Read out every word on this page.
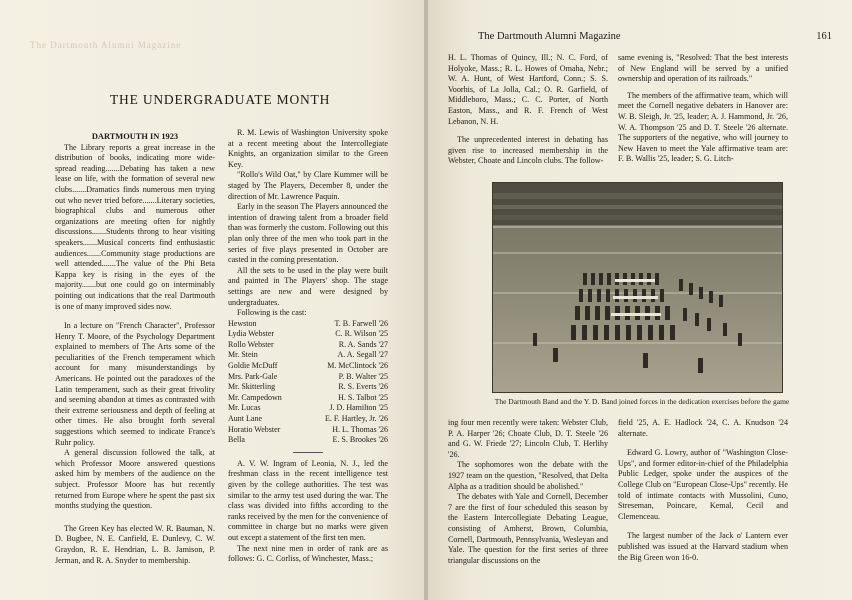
The Dartmouth Alumni Magazine
THE UNDERGRADUATE MONTH

DARTMOUTH IN 1923

The Library reports a great increase in the distribution of books, indicating more wide-spread reading.......Debating has taken a new lease on life, with the formation of several new clubs.......Dramatics finds numerous men trying out who never tried before.......Literary societies, biographical clubs and numerous other organizations are meeting often for nightly discussions.......Students throng to hear visiting speakers.......Musical concerts find enthusiastic audiences.......Community stage productions are well attended.......The value of the Phi Beta Kappa key is rising in the eyes of the majority.......but one could go on interminably pointing out indications that the real Dartmouth is one of many improved sides now.

In a lecture on "French Character", Professor Henry T. Moore, of the Psychology Department explained to members of The Arts some of the peculiarities of the French temperament which account for many misunderstandings by Americans. He pointed out the paradoxes of the Latin temperament, such as their great frivolity and seeming abandon at times as contrasted with their extreme seriousness and depth of feeling at other times. He also brought forth several suggestions which seemed to indicate France's Ruhr policy.

A general discussion followed the talk, at which Professor Moore answered questions asked him by members of the audience on the subject. Professor Moore has but recently returned from Europe where he spent the past six months studying the question.

The Green Key has elected W. R. Bauman, N. D. Bugbee, N. E. Canfield, E. Dunlevy, C. W. Graydon, R. E. Hendrian, L. B. Jamison, P. Jerman, and R. A. Snyder to membership.

R. M. Lewis of Washington University spoke at a recent meeting about the Intercollegiate Knights, an organization similar to the Green Key.

"Rollo's Wild Oat," by Clare Kummer will be staged by The Players, December 8, under the direction of Mr. Lawrence Paquin.

Early in the season The Players announced the intention of drawing talent from a broader field than was formerly the custom. Following out this plan only three of the men who took part in the series of five plays presented in October are casted in the coming presentation.

All the sets to be used in the play were built and painted in The Players' shop. The stage settings are new and were designed by undergraduates.

Following is the cast:

Hewston	T. B. Farwell '26
Lydia Webster	C. R. Wilson '25
Rollo Webster	R. A. Sands '27
Mr. Stein	A. A. Segall '27
Goldie McDuff	M. McClintock '26
Mrs. Park-Gale	P. B. Walter '25
Mr. Skitterling	R. S. Everts '26
Mr. Campedown	H. S. Talbot '25
Mr. Lucas	J. D. Hamilton '25
Aunt Lane	E. F. Hartley, Jr. '26
Horatio Webster	H. L. Thomas '26
Bella	E. S. Brookes '26

A. V. W. Ingram of Leonia, N. J., led the freshman class in the recent intelligence test given by the college authorities. The test was similar to the army test used during the war. The class was divided into fifths according to the ranks received by the men for the convenience of committee in charge but no marks were given out except a statement of the first ten men.

The next nine men in order of rank are as follows: G. C. Corliss, of Winchester, Mass.;

The Dartmouth Alumni Magazine	161

H. L. Thomas of Quincy, Ill.; N. C. Ford, of Holyoke, Mass.; R. L. Howes of Omaha, Nebr.; W. A. Hunt, of West Hartford, Conn.; S. S. Voorhis, of La Jolla, Cal.; O. R. Garfield, of Middleboro, Mass.; C. C. Porter, of North Easton, Mass., and R. F. French of West Lebanon, N. H.

The unprecedented interest in debating has given rise to increased membership in the Webster, Choate and Lincoln clubs. The follow-

same evening is, "Resolved: That the best interests of New England will be served by a unified ownership and operation of its railroads."

The members of the affirmative team, which will meet the Cornell negative debaters in Hanover are: W. B. Sleigh, Jr. '25, leader; A. J. Hammond, Jr. '26, W. A. Thompson '25 and D. T. Steele '26 alternate. The supporters of the negative, who will journey to New Haven to meet the Yale affirmative team are: F. B. Wallis '25, leader; S. G. Litch-

ing four men recently were taken: Webster Club, P. A. Harper '26; Choate Club, D. T. Steele '26 and G. W. Friede '27; Lincoln Club, T. Herlihy '26.

The sophomores won the debate with the 1927 team on the question, "Resolved, that Delta Alpha as a tradition should be abolished."

The debates with Yale and Cornell, December 7 are the first of four scheduled this season by the Eastern Intercollegiate Debating League, consisting of Amherst, Brown, Columbia, Cornell, Dartmouth, Pennsylvania, Wesleyan and Yale. The question for the first series of three triangular discussions on the

field '25, A. E. Hadlock '24, C. A. Knudson '24 alternate.

Edward G. Lowry, author of "Washington Close-Ups", and former editor-in-chief of the Philadelphia Public Ledger, spoke under the auspices of the College Club on "European Close-Ups" recently. He told of intimate contacts with Mussolini, Cuno, Streseman, Poincare, Kemal, Cecil and Clemenceau.

The largest number of the Jack o' Lantern ever published was issued at the Harvard stadium when the Big Green won 16-0.

The Dartmouth Band and the Y. D. Band joined forces in the dedication exercises before the game
